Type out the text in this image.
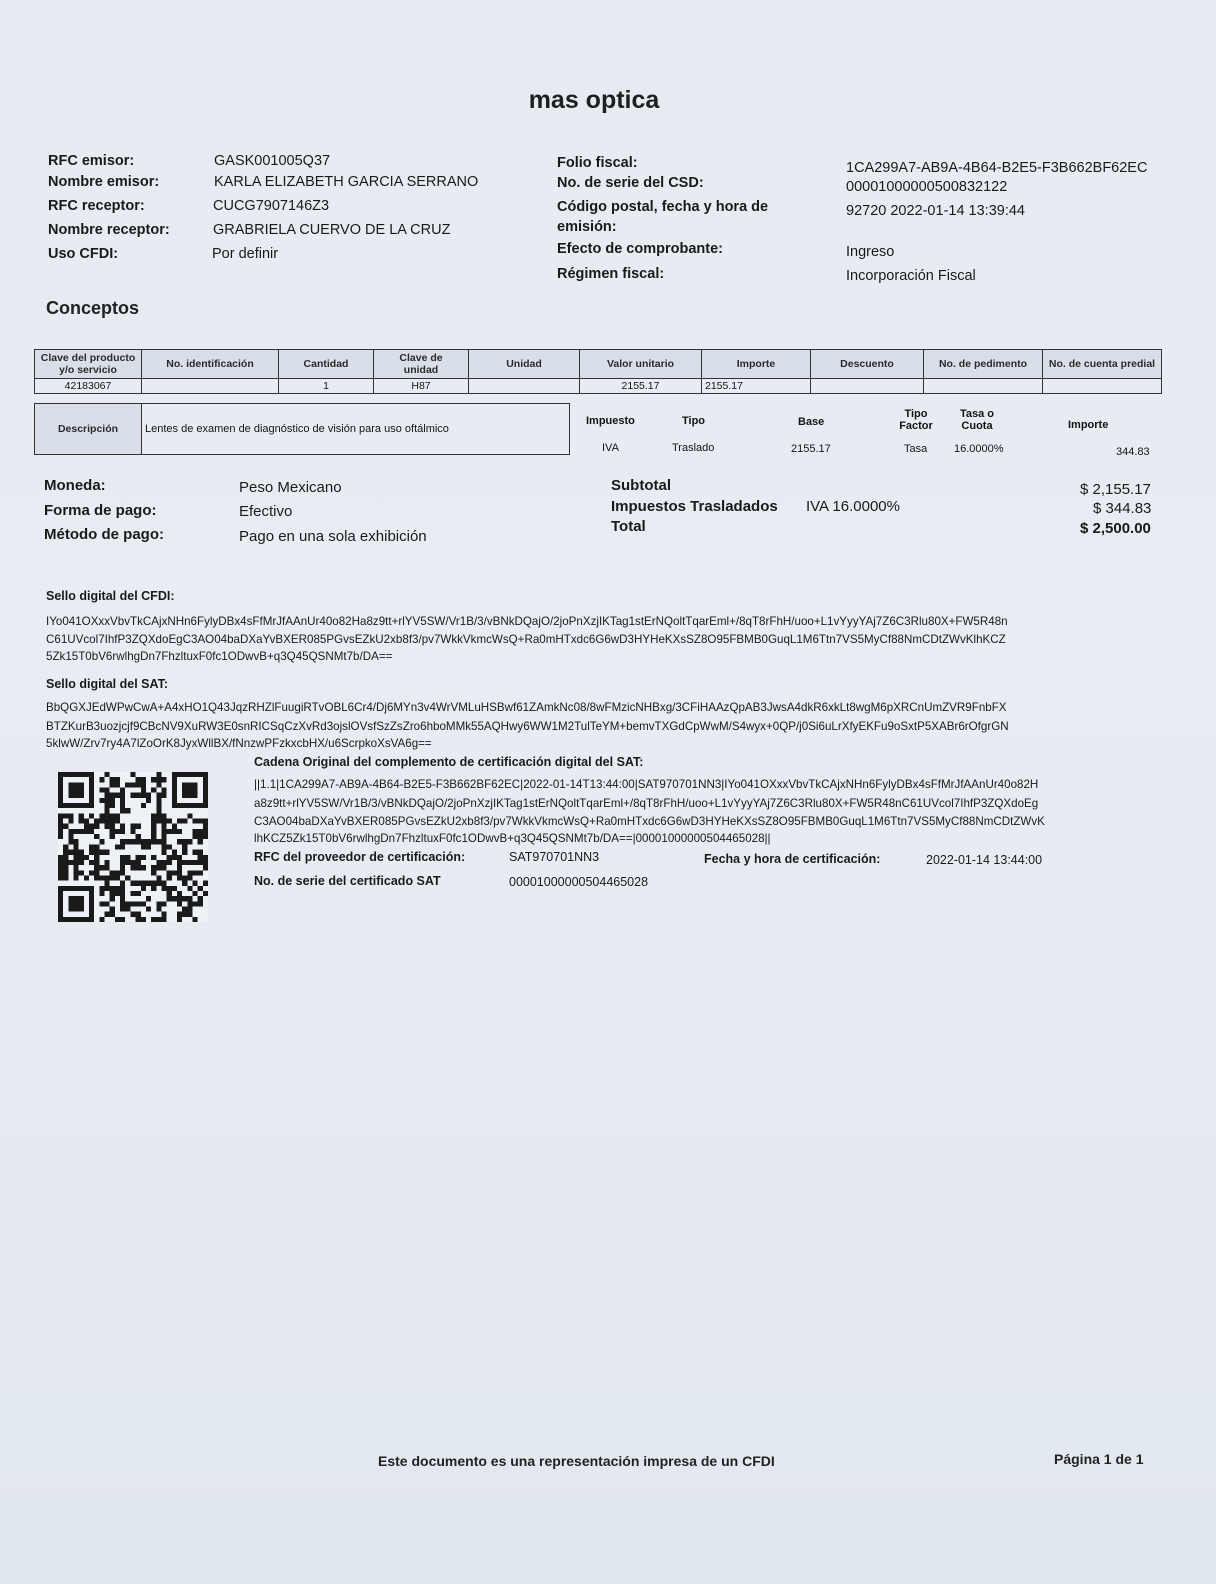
mas optica
RFC emisor:	GASK001005Q37
Nombre emisor:	KARLA ELIZABETH GARCIA SERRANO
RFC receptor:	CUCG7907146Z3
Nombre receptor:	GRABRIELA CUERVO DE LA CRUZ
Uso CFDI:	Por definir
Folio fiscal:	1CA299A7-AB9A-4B64-B2E5-F3B662BF62EC
No. de serie del CSD:	00001000000500832122
Código postal, fecha y hora de
emisión:
92720 2022-01-14 13:39:44
Efecto de comprobante:	Ingreso
Régimen fiscal:	Incorporación Fiscal
Conceptos
Clave del producto
y/o servicio	No. identificación	Cantidad	Clave de
unidad	Unidad	Valor unitario	Importe	Descuento	No. de pedimento	No. de cuenta predial
42183067		1	H87		2155.17	2155.17			
Descripción	Lentes de examen de diagnóstico de visión para uso oftálmico
Impuesto	Tipo	Base
Tipo
Factor
Tasa o
Cuota	Importe
IVA	Traslado	2155.17	Tasa 16.0000%	344.83
Moneda:	Peso Mexicano
Forma de pago:	Efectivo
Método de pago:	Pago en una sola exhibición
Subtotal	$ 2,155.17
Impuestos Trasladados IVA 16.0000%	$ 344.83
Total	$ 2,500.00
Sello digital del CFDI:
IYo041OXxxVbvTkCAjxNHn6FylyDBx4sFfMrJfAAnUr40o82Ha8z9tt+rlYV5SW/Vr1B/3/vBNkDQajO/2joPnXzjIKTag1stErNQoltTqarEml+/8qT8rFhH/uoo+L1vYyyYAj7Z6C3Rlu80X+FW5R48n
C61UVcol7IhfP3ZQXdoEgC3AO04baDXaYvBXER085PGvsEZkU2xb8f3/pv7WkkVkmcWsQ+Ra0mHTxdc6G6wD3HYHeKXsSZ8O95FBMB0GuqL1M6Ttn7VS5MyCf88NmCDtZWvKlhKCZ
5Zk15T0bV6rwlhgDn7FhzltuxF0fc1ODwvB+q3Q45QSNMt7b/DA==
Sello digital del SAT:
BbQGXJEdWPwCwA+A4xHO1Q43JqzRHZlFuugiRTvOBL6Cr4/Dj6MYn3v4WrVMLuHSBwf61ZAmkNc08/8wFMzicNHBxg/3CFiHAAzQpAB3JwsA4dkR6xkLt8wgM6pXRCnUmZVR9FnbFX
BTZKurB3uozjcjf9CBcNV9XuRW3E0snRICSqCzXvRd3ojslOVsfSzZsZro6hboMMk55AQHwy6WW1M2TulTeYM+bemvTXGdCpWwM/S4wyx+0QP/j0Si6uLrXfyEKFu9oSxtP5XABr6rOfgrGN
5klwW/Zrv7ry4A7lZoOrK8JyxWllBX/fNnzwPFzkxcbHX/u6ScrpkoXsVA6g==
Cadena Original del complemento de certificación digital del SAT:
||1.1|1CA299A7-AB9A-4B64-B2E5-F3B662BF62EC|2022-01-14T13:44:00|SAT970701NN3|IYo041OXxxVbvTkCAjxNHn6FylyDBx4sFfMrJfAAnUr40o82H
a8z9tt+rlYV5SW/Vr1B/3/vBNkDQajO/2joPnXzjIKTag1stErNQoltTqarEml+/8qT8rFhH/uoo+L1vYyyYAj7Z6C3Rlu80X+FW5R48nC61UVcol7IhfP3ZQXdoEg
C3AO04baDXaYvBXER085PGvsEZkU2xb8f3/pv7WkkVkmcWsQ+Ra0mHTxdc6G6wD3HYHeKXsSZ8O95FBMB0GuqL1M6Ttn7VS5MyCf88NmCDtZWvK
lhKCZ5Zk15T0bV6rwlhgDn7FhzltuxF0fc1ODwvB+q3Q45QSNMt7b/DA==|00001000000504465028||
RFC del proveedor de certificación:	SAT970701NN3	Fecha y hora de certificación:	2022-01-14 13:44:00
No. de serie del certificado SAT	00001000000504465028
Este documento es una representación impresa de un CFDI	Página 1 de 1
